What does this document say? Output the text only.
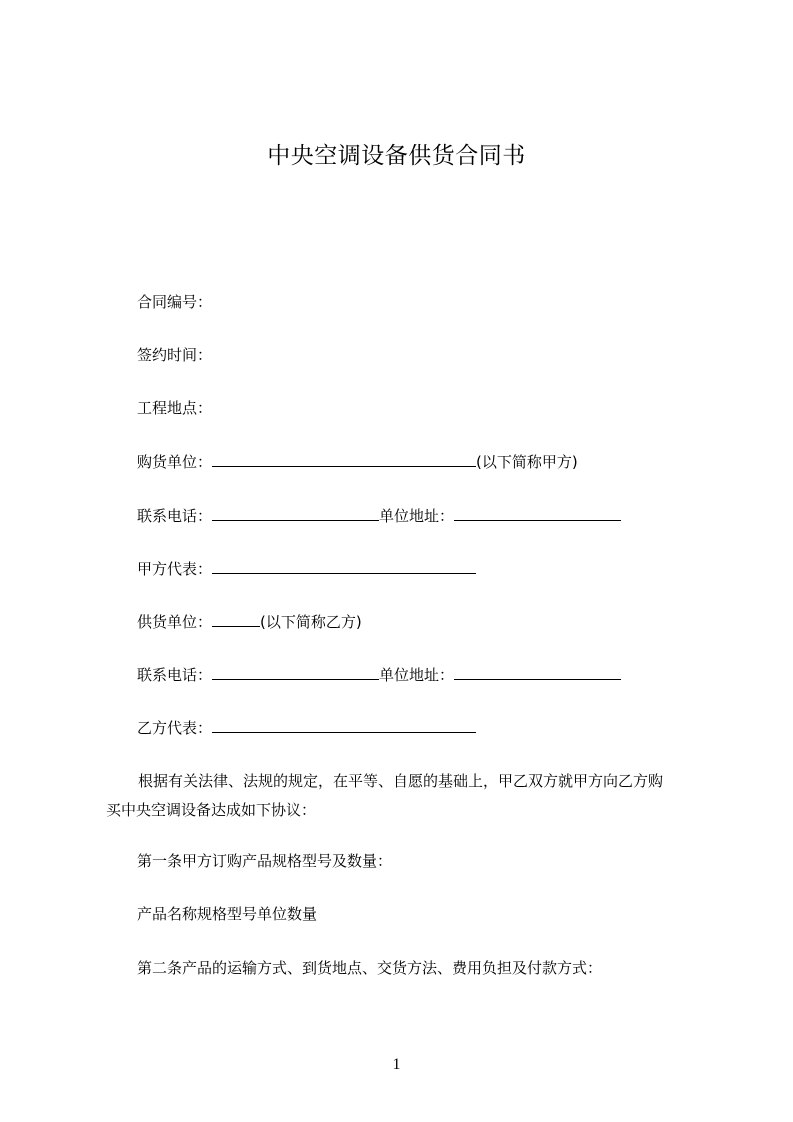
中央空调设备供货合同书
合同编号：
签约时间：
工程地点：
购货单位：	(以下简称甲方)
联系电话：	单位地址：
甲方代表：
供货单位：	(以下简称乙方)
联系电话：	单位地址：
乙方代表：
根据有关法律、法规的规定，在平等、自愿的基础上，甲乙双方就甲方向乙方购
买中央空调设备达成如下协议：
第一条甲方订购产品规格型号及数量：
产品名称规格型号单位数量
第二条产品的运输方式、到货地点、交货方法、费用负担及付款方式：
1
